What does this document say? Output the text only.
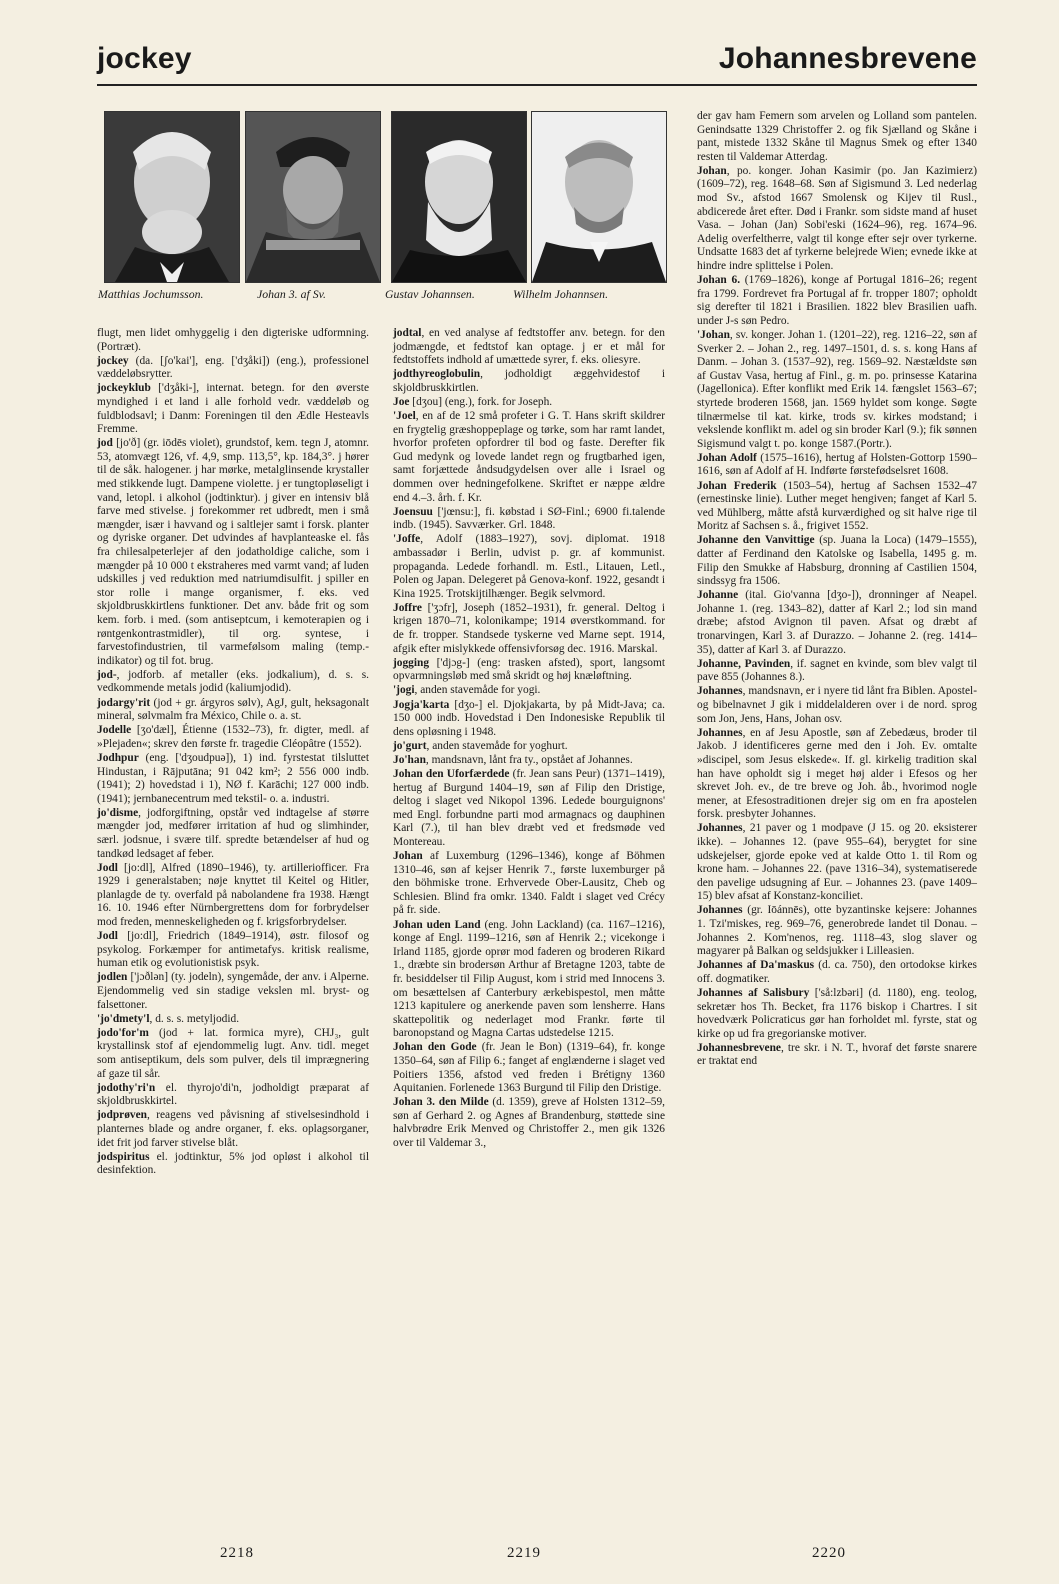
jockey	Johannesbrevene
Matthias Jochumsson.	Johan 3. af Sv.	Gustav Johannsen.	Wilhelm Johannsen.
flugt, men lidet omhyggelig i den digteriske udformning. (Portræt).
jockey (da. [ʃo'kai'], eng. ['dʒåki]) (eng.), professionel væddeløbsrytter.
jockeyklub ['dʒåki-], internat. betegn. for den øverste myndighed i et land i alle forhold vedr. væddeløb og fuldblodsavl; i Danm: Foreningen til den Ædle Hesteavls Fremme.
jod [jo'ð] (gr. iōdēs violet), grundstof, kem. tegn J, atomnr. 53, atomvægt 126, vf. 4,9, smp. 113,5°, kp. 184,3°. j hører til de såk. halogener. j har mørke, metalglinsende krystaller med stikkende lugt. Dampene violette. j er tungtopløseligt i vand, letopl. i alkohol (jodtinktur). j giver en intensiv blå farve med stivelse. j forekommer ret udbredt, men i små mængder, især i havvand og i saltlejer samt i forsk. planter og dyriske organer. Det udvindes af havplanteaske el. fås fra chilesalpeterlejer af den jodatholdige caliche, som i mængder på 10 000 t ekstraheres med varmt vand; af luden udskilles j ved reduktion med natriumdisulfit. j spiller en stor rolle i mange organismer, f. eks. ved skjoldbruskkirtlens funktioner. Det anv. både frit og som kem. forb. i med. (som antiseptcum, i kemoterapien og i røntgenkontrastmidler), til org. syntese, i farvestofindustrien, til varmefølsom maling (temp.-indikator) og til fot. brug.
jod-, jodforb. af metaller (eks. jodkalium), d. s. s. vedkommende metals jodid (kaliumjodid).
jodargy'rit (jod + gr. árgyros sølv), AgJ, gult, heksagonalt mineral, sølvmalm fra México, Chile o. a. st.
Jodelle [ʒo'dæl], Étienne (1532–73), fr. digter, medl. af »Plejaden«; skrev den første fr. tragedie Cléopâtre (1552).
Jodhpur (eng. ['dʒoudpuə]), 1) ind. fyrstestat tilsluttet Hindustan, i Rājputāna; 91 042 km²; 2 556 000 indb. (1941); 2) hovedstad i 1), NØ f. Karāchi; 127 000 indb. (1941); jernbanecentrum med tekstil- o. a. industri.
jo'disme, jodforgiftning, opstår ved indtagelse af større mængder jod, medfører irritation af hud og slimhinder, særl. jodsnue, i svære tilf. spredte betændelser af hud og tandkød ledsaget af feber.
Jodl [jo:dl], Alfred (1890–1946), ty. artilleriofficer. Fra 1929 i generalstaben; nøje knyttet til Keitel og Hitler, planlagde de ty. overfald på nabolandene fra 1938. Hængt 16. 10. 1946 efter Nürnbergrettens dom for forbrydelser mod freden, menneskeligheden og f. krigsforbrydelser.
Jodl [jo:dl], Friedrich (1849–1914), østr. filosof og psykolog. Forkæmper for antimetafys. kritisk realisme, human etik og evolutionistisk psyk.
jodlen ['jɔðlən] (ty. jodeln), syngemåde, der anv. i Alperne. Ejendommelig ved sin stadige vekslen ml. bryst- og falsettoner.
'jo'dmety'l, d. s. s. metyljodid.
jodo'for'm (jod + lat. formica myre), CHJ₃, gult krystallinsk stof af ejendommelig lugt. Anv. tidl. meget som antiseptikum, dels som pulver, dels til imprægnering af gaze til sår.
jodothy'ri'n el. thyrojo'di'n, jodholdigt præparat af skjoldbruskkirtel.
jodprøven, reagens ved påvisning af stivelsesindhold i planternes blade og andre organer, f. eks. oplagsorganer, idet frit jod farver stivelse blåt.
jodspiritus el. jodtinktur, 5% jod opløst i alkohol til desinfektion.
jodtal, en ved analyse af fedtstoffer anv. betegn. for den jodmængde, et fedtstof kan optage. j er et mål for fedtstoffets indhold af umættede syrer, f. eks. oliesyre.
jodthyreoglobulin, jodholdigt æggehvidestof i skjoldbruskkirtlen.
Joe [dʒou] (eng.), fork. for Joseph.
'Joel, en af de 12 små profeter i G. T. Hans skrift skildrer en frygtelig græshoppeplage og tørke, som har ramt landet, hvorfor profeten opfordrer til bod og faste. Derefter fik Gud medynk og lovede landet regn og frugtbarhed igen, samt forjættede åndsudgydelsen over alle i Israel og dommen over hedningefolkene. Skriftet er næppe ældre end 4.–3. årh. f. Kr.
Joensuu ['jœnsu:], fi. købstad i SØ-Finl.; 6900 fi.talende indb. (1945). Savværker. Grl. 1848.
'Joffe, Adolf (1883–1927), sovj. diplomat. 1918 ambassadør i Berlin, udvist p. gr. af kommunist. propaganda. Ledede forhandl. m. Estl., Litauen, Letl., Polen og Japan. Delegeret på Genova-konf. 1922, gesandt i Kina 1925. Trotskijtilhænger. Begik selvmord.
Joffre ['ʒɔfr], Joseph (1852–1931), fr. general. Deltog i krigen 1870–71, kolonikampe; 1914 øverstkommand. for de fr. tropper. Standsede tyskerne ved Marne sept. 1914, afgik efter mislykkede offensivforsøg dec. 1916. Marskal.
jogging ['djɔg-] (eng: trasken afsted), sport, langsomt opvarmningsløb med små skridt og høj knæløftning.
'jogi, anden stavemåde for yogi.
Jogja'karta [dʒo-] el. Djokjakarta, by på Midt-Java; ca. 150 000 indb. Hovedstad i Den Indonesiske Republik til dens opløsning i 1948.
jo'gurt, anden stavemåde for yoghurt.
Jo'han, mandsnavn, lånt fra ty., opstået af Johannes.
Johan den Uforfærdede (fr. Jean sans Peur) (1371–1419), hertug af Burgund 1404–19, søn af Filip den Dristige, deltog i slaget ved Nikopol 1396. Ledede bourguignons' med Engl. forbundne parti mod armagnacs og dauphinen Karl (7.), til han blev dræbt ved et fredsmøde ved Montereau.
Johan af Luxemburg (1296–1346), konge af Böhmen 1310–46, søn af kejser Henrik 7., første luxemburger på den böhmiske trone. Erhvervede Ober-Lausitz, Cheb og Schlesien. Blind fra omkr. 1340. Faldt i slaget ved Crécy på fr. side.
Johan uden Land (eng. John Lackland) (ca. 1167–1216), konge af Engl. 1199–1216, søn af Henrik 2.; vicekonge i Irland 1185, gjorde oprør mod faderen og broderen Rikard 1., dræbte sin brodersøn Arthur af Bretagne 1203, tabte de fr. besiddelser til Filip August, kom i strid med Innocens 3. om besættelsen af Canterbury ærkebispestol, men måtte 1213 kapitulere og anerkende paven som lensherre. Hans skattepolitik og nederlaget mod Frankr. førte til baronopstand og Magna Cartas udstedelse 1215.
Johan den Gode (fr. Jean le Bon) (1319–64), fr. konge 1350–64, søn af Filip 6.; fanget af englænderne i slaget ved Poitiers 1356, afstod ved freden i Brétigny 1360 Aquitanien. Forlenede 1363 Burgund til Filip den Dristige.
Johan 3. den Milde (d. 1359), greve af Holsten 1312–59, søn af Gerhard 2. og Agnes af Brandenburg, støttede sine halvbrødre Erik Menved og Christoffer 2., men gik 1326 over til Valdemar 3.,
der gav ham Femern som arvelen og Lolland som pantelen. Genindsatte 1329 Christoffer 2. og fik Sjælland og Skåne i pant, mistede 1332 Skåne til Magnus Smek og efter 1340 resten til Valdemar Atterdag.
Johan, po. konger. Johan Kasimir (po. Jan Kazimierz) (1609–72), reg. 1648–68. Søn af Sigismund 3. Led nederlag mod Sv., afstod 1667 Smolensk og Kijev til Rusl., abdicerede året efter. Død i Frankr. som sidste mand af huset Vasa. – Johan (Jan) Sobi'eski (1624–96), reg. 1674–96. Adelig overfeltherre, valgt til konge efter sejr over tyrkerne. Undsatte 1683 det af tyrkerne belejrede Wien; evnede ikke at hindre indre splittelse i Polen.
Johan 6. (1769–1826), konge af Portugal 1816–26; regent fra 1799. Fordrevet fra Portugal af fr. tropper 1807; opholdt sig derefter til 1821 i Brasilien. 1822 blev Brasilien uafh. under J-s søn Pedro.
'Johan, sv. konger. Johan 1. (1201–22), reg. 1216–22, søn af Sverker 2. – Johan 2., reg. 1497–1501, d. s. s. kong Hans af Danm. – Johan 3. (1537–92), reg. 1569–92. Næstældste søn af Gustav Vasa, hertug af Finl., g. m. po. prinsesse Katarina (Jagellonica). Efter konflikt med Erik 14. fængslet 1563–67; styrtede broderen 1568, jan. 1569 hyldet som konge. Søgte tilnærmelse til kat. kirke, trods sv. kirkes modstand; i vekslende konflikt m. adel og sin broder Karl (9.); fik sønnen Sigismund valgt t. po. konge 1587.(Portr.).
Johan Adolf (1575–1616), hertug af Holsten-Gottorp 1590–1616, søn af Adolf af H. Indførte førstefødselsret 1608.
Johan Frederik (1503–54), hertug af Sachsen 1532–47 (ernestinske linie). Luther meget hengiven; fanget af Karl 5. ved Mühlberg, måtte afstå kurværdighed og sit halve rige til Moritz af Sachsen s. å., frigivet 1552.
Johanne den Vanvittige (sp. Juana la Loca) (1479–1555), datter af Ferdinand den Katolske og Isabella, 1495 g. m. Filip den Smukke af Habsburg, dronning af Castilien 1504, sindssyg fra 1506.
Johanne (ital. Gio'vanna [dʒo-]), dronninger af Neapel. Johanne 1. (reg. 1343–82), datter af Karl 2.; lod sin mand dræbe; afstod Avignon til paven. Afsat og dræbt af tronarvingen, Karl 3. af Durazzo. – Johanne 2. (reg. 1414–35), datter af Karl 3. af Durazzo.
Johanne, Pavinden, if. sagnet en kvinde, som blev valgt til pave 855 (Johannes 8.).
Johannes, mandsnavn, er i nyere tid lånt fra Biblen. Apostel- og bibelnavnet J gik i middelalderen over i de nord. sprog som Jon, Jens, Hans, Johan osv.
Johannes, en af Jesu Apostle, søn af Zebedæus, broder til Jakob. J identificeres gerne med den i Joh. Ev. omtalte »discipel, som Jesus elskede«. If. gl. kirkelig tradition skal han have opholdt sig i meget høj alder i Efesos og her skrevet Joh. ev., de tre breve og Joh. åb., hvorimod nogle mener, at Efesostraditionen drejer sig om en fra apostelen forsk. presbyter Johannes.
Johannes, 21 paver og 1 modpave (J 15. og 20. eksisterer ikke). – Johannes 12. (pave 955–64), berygtet for sine udskejelser, gjorde epoke ved at kalde Otto 1. til Rom og krone ham. – Johannes 22. (pave 1316–34), systematiserede den pavelige udsugning af Eur. – Johannes 23. (pave 1409–15) blev afsat af Konstanz-konciliet.
Johannes (gr. Iōánnēs), otte byzantinske kejsere: Johannes 1. Tzi'miskes, reg. 969–76, generobrede landet til Donau. – Johannes 2. Kom'nenos, reg. 1118–43, slog slaver og magyarer på Balkan og seldsjukker i Lilleasien.
Johannes af Da'maskus (d. ca. 750), den ortodokse kirkes off. dogmatiker.
Johannes af Salisbury ['så:lzbəri] (d. 1180), eng. teolog, sekretær hos Th. Becket, fra 1176 biskop i Chartres. I sit hovedværk Policraticus gør han forholdet ml. fyrste, stat og kirke op ud fra gregorianske motiver.
Johannesbrevene, tre skr. i N. T., hvoraf det første snarere er traktat end
2218	2219	2220
